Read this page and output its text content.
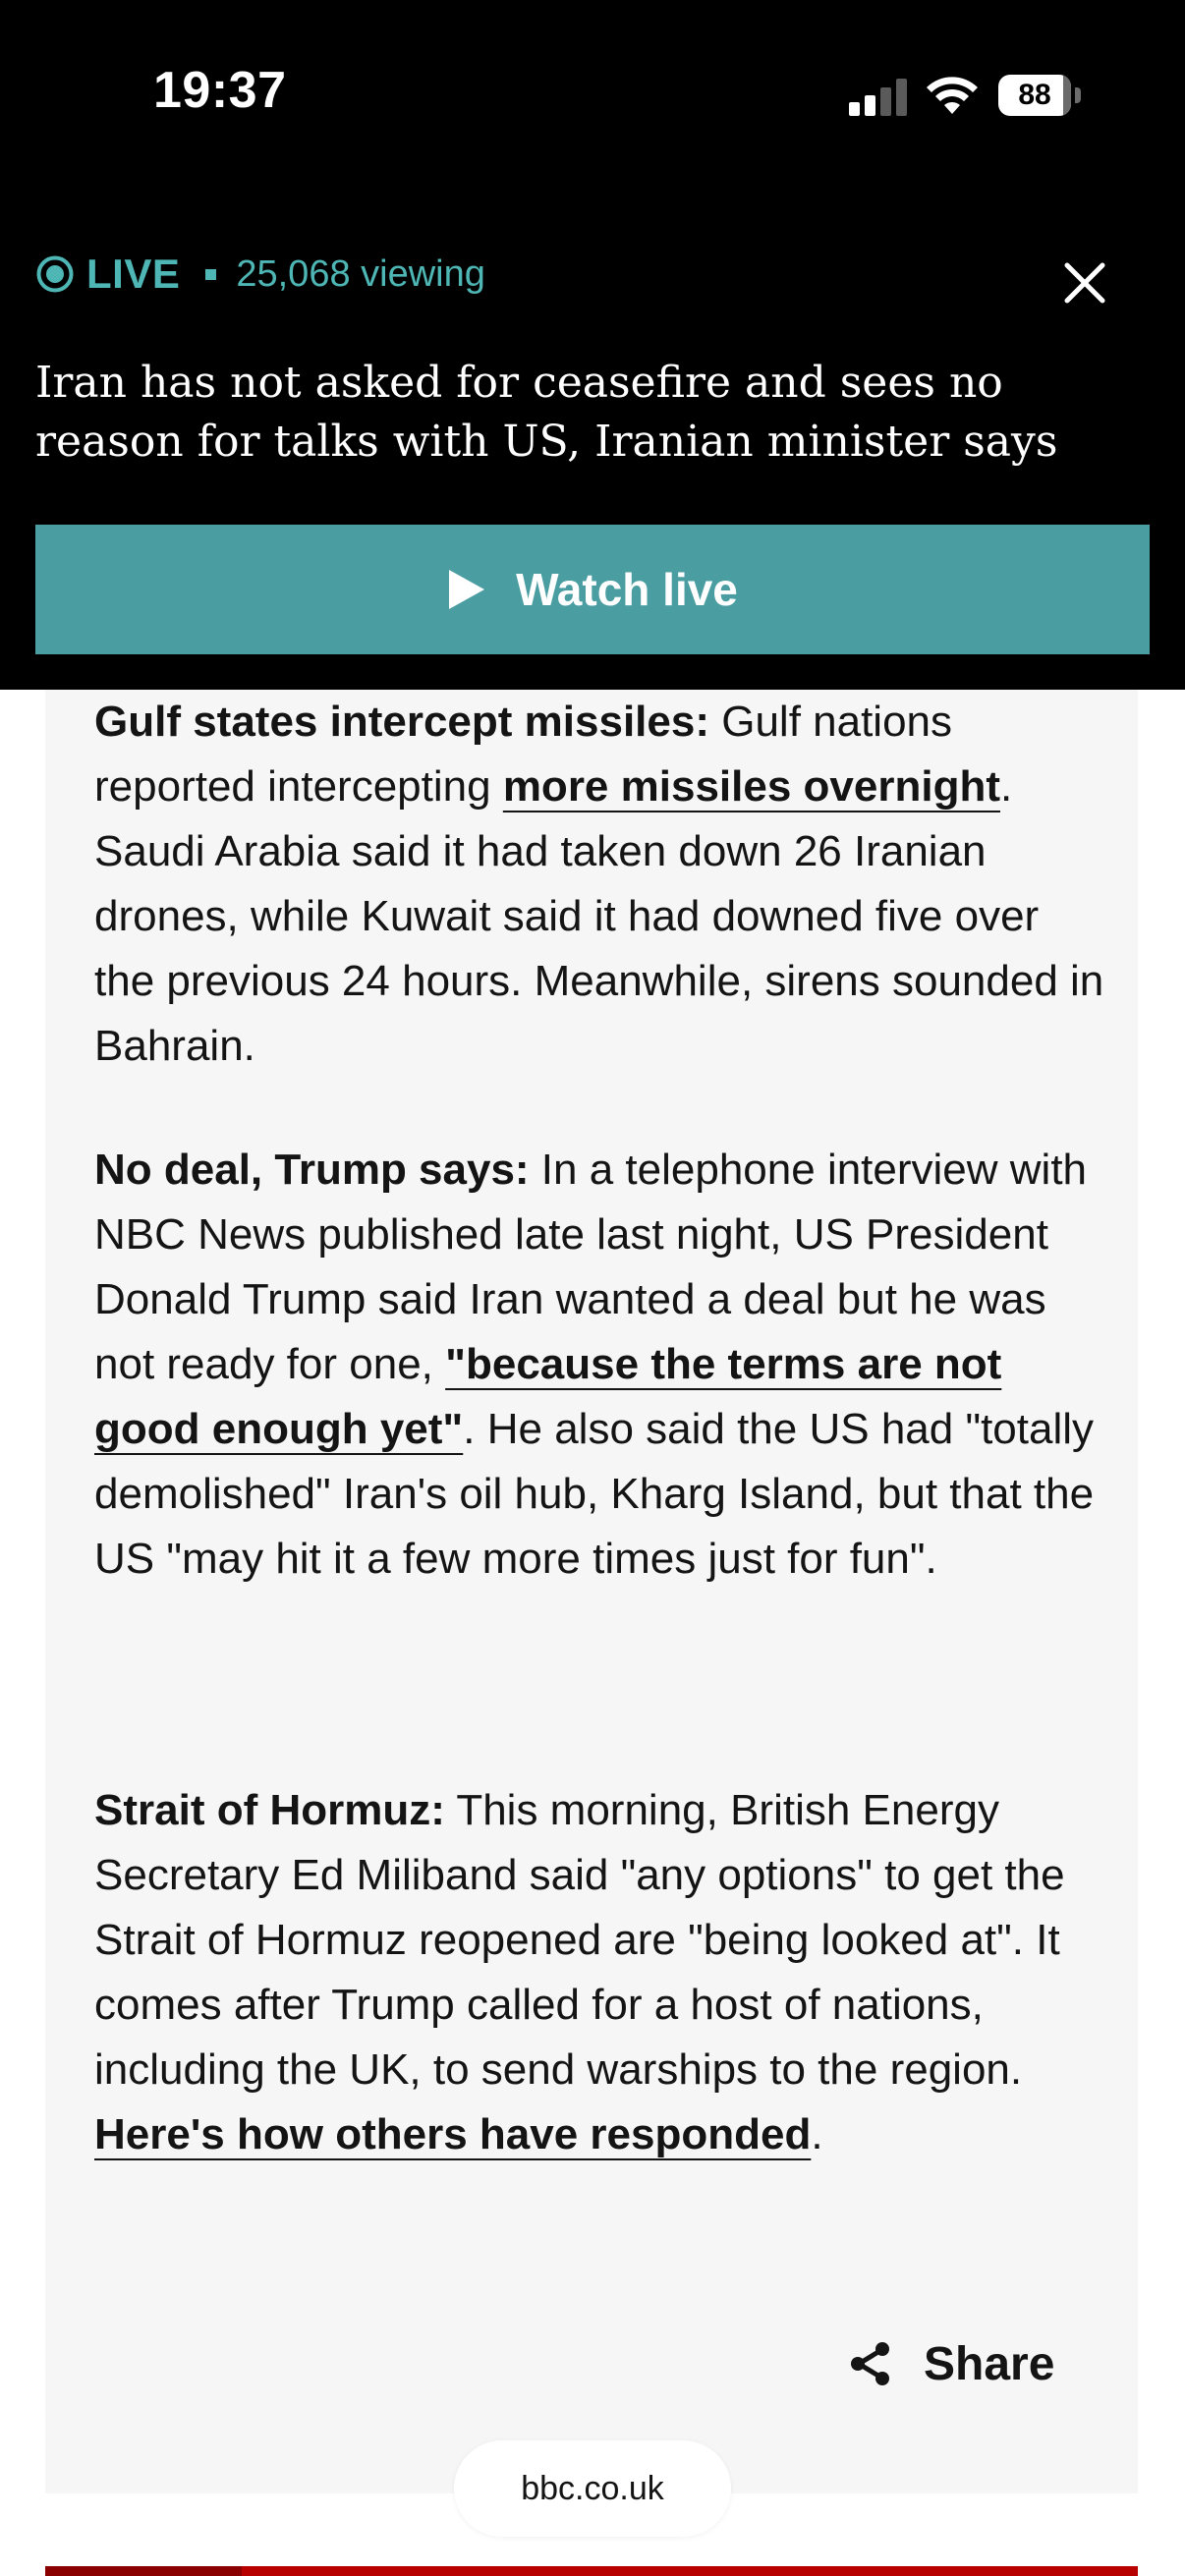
19:37	88
LIVE 25,068 viewing
Iran has not asked for ceasefire and sees no reason for talks with US, Iranian minister says
Watch live

Gulf states intercept missiles: Gulf nations reported intercepting more missiles overnight. Saudi Arabia said it had taken down 26 Iranian drones, while Kuwait said it had downed five over the previous 24 hours. Meanwhile, sirens sounded in Bahrain.

No deal, Trump says: In a telephone interview with NBC News published late last night, US President Donald Trump said Iran wanted a deal but he was not ready for one, "because the terms are not good enough yet". He also said the US had "totally demolished" Iran's oil hub, Kharg Island, but that the US "may hit it a few more times just for fun".

Strait of Hormuz: This morning, British Energy Secretary Ed Miliband said "any options" to get the Strait of Hormuz reopened are "being looked at". It comes after Trump called for a host of nations, including the UK, to send warships to the region. Here's how others have responded.

Share
bbc.co.uk
